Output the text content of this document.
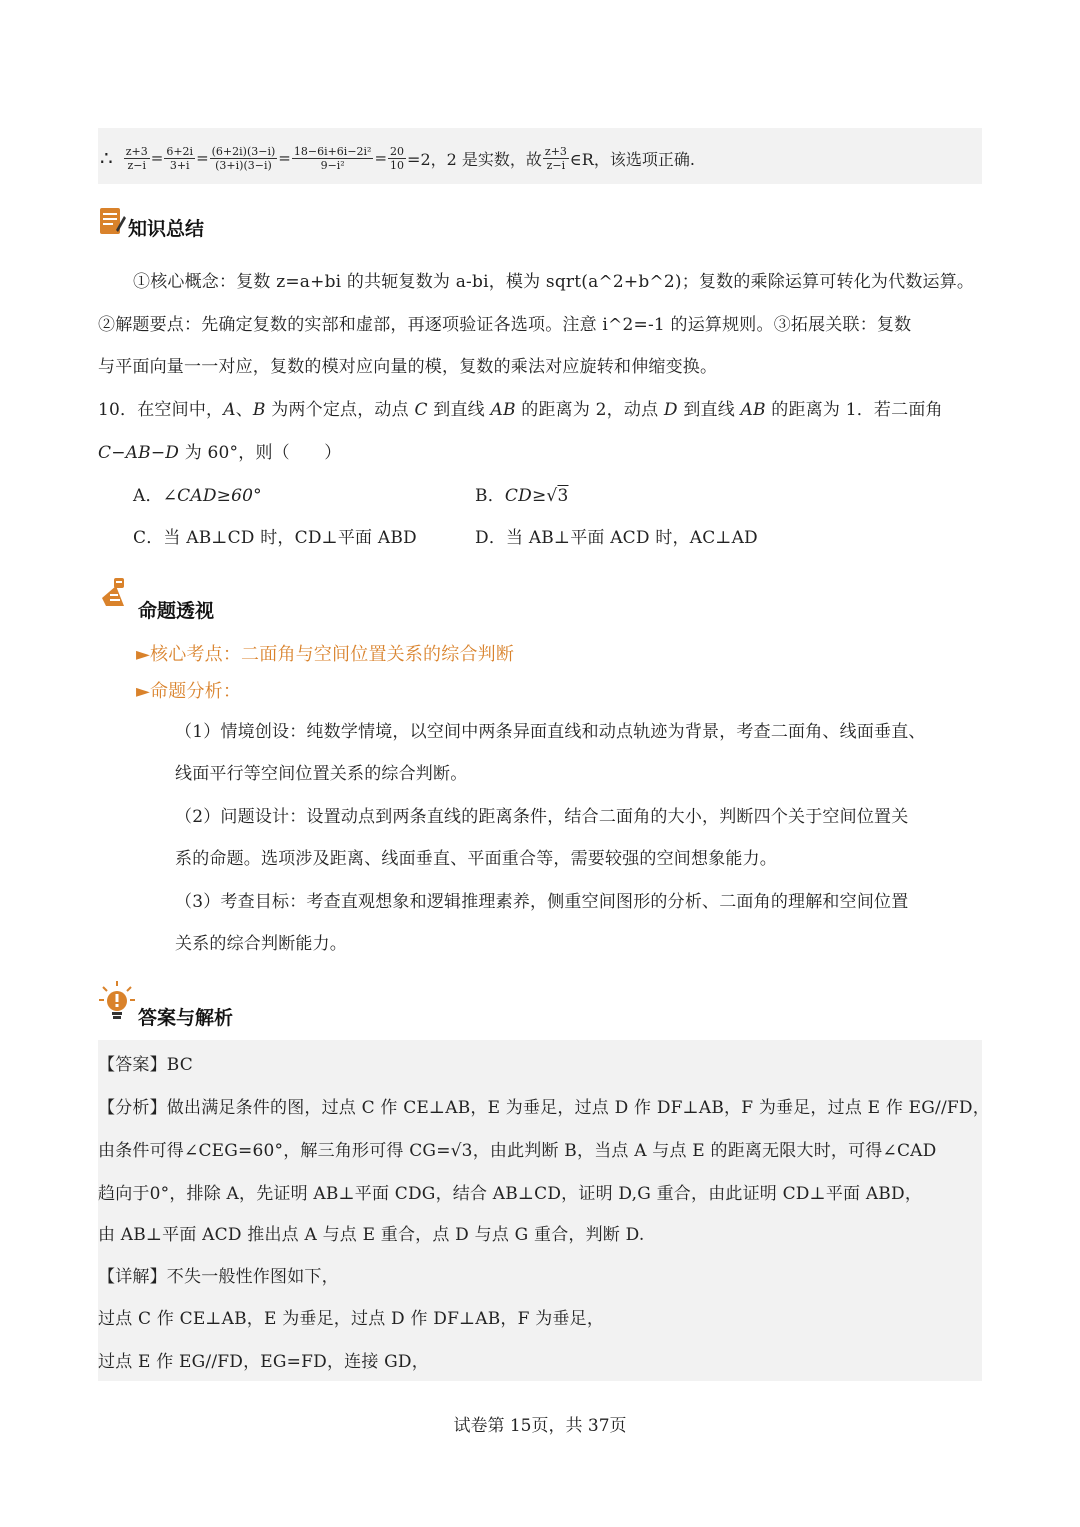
∴ $\frac{z+3}{z-i} = \frac{6+2i}{3+i} = \frac{(6+2i)(3-i)}{(3+i)(3-i)} = \frac{\text{18−6i+6i−2i²}}{\text{9−i²}} = \frac{20}{10} =2$，2 是实数，故 $\frac{z+3}{z-i}$ ∈R，该选项正确.
知识总结
①核心概念：复数 z=a+bi 的共轭复数为 a-bi，模为 sqrt(a^2+b^2)；复数的乘除运算可转化为代数运算。
②解题要点：先确定复数的实部和虚部，再逐项验证各选项。注意 i^2=-1 的运算规则。③拓展关联：复数
与平面向量一一对应，复数的模对应向量的模，复数的乘法对应旋转和伸缩变换。
10．在空间中，A、B 为两个定点，动点 C 到直线 AB 的距离为 2，动点 D 到直线 AB 的距离为 1．若二面角
C−AB−D 为 60°，则（　　）
A．∠CAD≥60°	B．CD≥√3
C．当 AB⊥CD 时，CD⊥平面 ABD	D．当 AB⊥平面 ACD 时，AC⊥AD
命题透视
►核心考点：二面角与空间位置关系的综合判断
►命题分析：
（1）情境创设：纯数学情境，以空间中两条异面直线和动点轨迹为背景，考查二面角、线面垂直、
线面平行等空间位置关系的综合判断。
（2）问题设计：设置动点到两条直线的距离条件，结合二面角的大小，判断四个关于空间位置关
系的命题。选项涉及距离、线面垂直、平面重合等，需要较强的空间想象能力。
（3）考查目标：考查直观想象和逻辑推理素养，侧重空间图形的分析、二面角的理解和空间位置
关系的综合判断能力。
答案与解析
【答案】BC
【分析】做出满足条件的图，过点 C 作 CE⊥AB，E 为垂足，过点 D 作 DF⊥AB，F 为垂足，过点 E 作 EG//FD，
由条件可得∠CEG=60°，解三角形可得 CG=√3，由此判断 B，当点 A 与点 E 的距离无限大时，可得∠CAD
趋向于0°，排除 A，先证明 AB⊥平面 CDG，结合 AB⊥CD，证明 D,G 重合，由此证明 CD⊥平面 ABD，
由 AB⊥平面 ACD 推出点 A 与点 E 重合，点 D 与点 G 重合，判断 D.
【详解】不失一般性作图如下，
过点 C 作 CE⊥AB，E 为垂足，过点 D 作 DF⊥AB，F 为垂足，
过点 E 作 EG//FD，EG=FD，连接 GD，
试卷第 15页，共 37页
